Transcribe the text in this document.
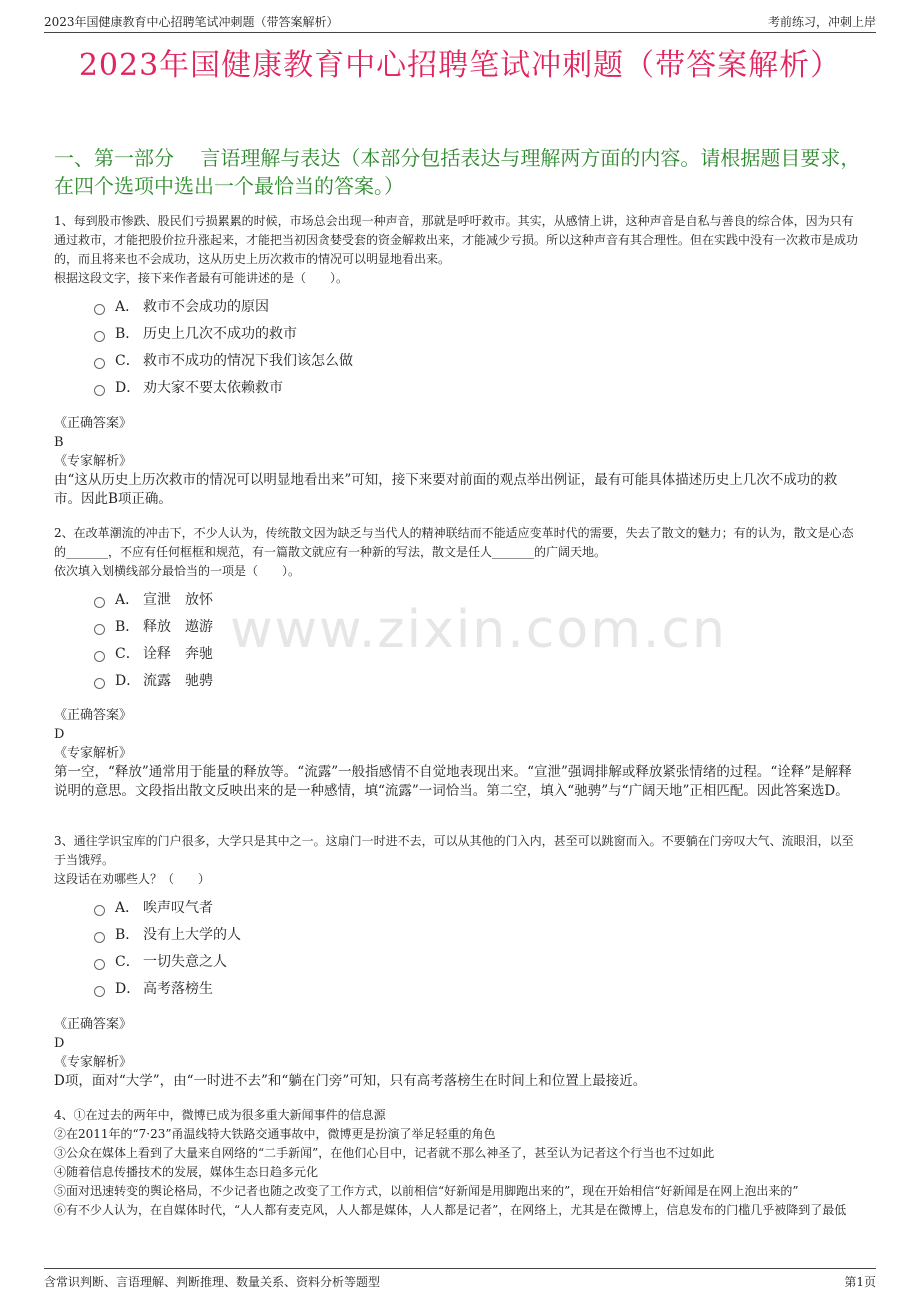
2023年国健康教育中心招聘笔试冲刺题（带答案解析）	考前练习，冲刺上岸
2023年国健康教育中心招聘笔试冲刺题（带答案解析）
一、第一部分　 言语理解与表达（本部分包括表达与理解两方面的内容。请根据题目要求，在四个选项中选出一个最恰当的答案。）
www.zixin.com.cn

1、每到股市惨跌、股民们亏损累累的时候，市场总会出现一种声音，那就是呼吁救市。其实，从感情上讲，这种声音是自私与善良的综合体，因为只有通过救市，才能把股价拉升涨起来，才能把当初因贪婪受套的资金解救出来，才能减少亏损。所以这种声音有其合理性。但在实践中没有一次救市是成功的，而且将来也不会成功，这从历史上历次救市的情况可以明显地看出来。

根据这段文字，接下来作者最有可能讲述的是（　　）。

A． 救市不会成功的原因
B． 历史上几次不成功的救市
C． 救市不成功的情况下我们该怎么做
D． 劝大家不要太依赖救市

《正确答案》

B

《专家解析》

由“这从历史上历次救市的情况可以明显地看出来”可知，接下来要对前面的观点举出例证，最有可能具体描述历史上几次不成功的救市。因此B项正确。

2、在改革潮流的冲击下，不少人认为，传统散文因为缺乏与当代人的精神联结而不能适应变革时代的需要，失去了散文的魅力；有的认为，散文是心态的_______，不应有任何框框和规范，有一篇散文就应有一种新的写法，散文是任人_______的广阔天地。

依次填入划横线部分最恰当的一项是（　　）。

A． 宣泄　放怀
B． 释放　遨游
C． 诠释　奔驰
D． 流露　驰骋

《正确答案》

D

《专家解析》

第一空，“释放”通常用于能量的释放等。“流露”一般指感情不自觉地表现出来。“宣泄”强调排解或释放紧张情绪的过程。“诠释”是解释说明的意思。文段指出散文反映出来的是一种感情，填“流露”一词恰当。第二空，填入“驰骋”与“广阔天地”正相匹配。因此答案选D。

3、通往学识宝库的门户很多，大学只是其中之一。这扇门一时进不去，可以从其他的门入内，甚至可以跳窗而入。不要躺在门旁叹大气、流眼泪，以至于当饿殍。

这段话在劝哪些人？（　　）

A． 唉声叹气者
B． 没有上大学的人
C． 一切失意之人
D． 高考落榜生

《正确答案》

D

《专家解析》

D项，面对“大学”，由“一时进不去”和“躺在门旁”可知，只有高考落榜生在时间上和位置上最接近。

4、①在过去的两年中，微博已成为很多重大新闻事件的信息源

②在2011年的“7·23”甬温线特大铁路交通事故中，微博更是扮演了举足轻重的角色

③公众在媒体上看到了大量来自网络的“二手新闻”，在他们心目中，记者就不那么神圣了，甚至认为记者这个行当也不过如此

④随着信息传播技术的发展，媒体生态日趋多元化

⑤面对迅速转变的舆论格局，不少记者也随之改变了工作方式，以前相信“好新闻是用脚跑出来的”，现在开始相信“好新闻是在网上泡出来的”

⑥有不少人认为，在自媒体时代，“人人都有麦克风，人人都是媒体，人人都是记者”，在网络上，尤其是在微博上，信息发布的门槛几乎被降到了最低

含常识判断、言语理解、判断推理、数量关系、资料分析等题型	第1页
